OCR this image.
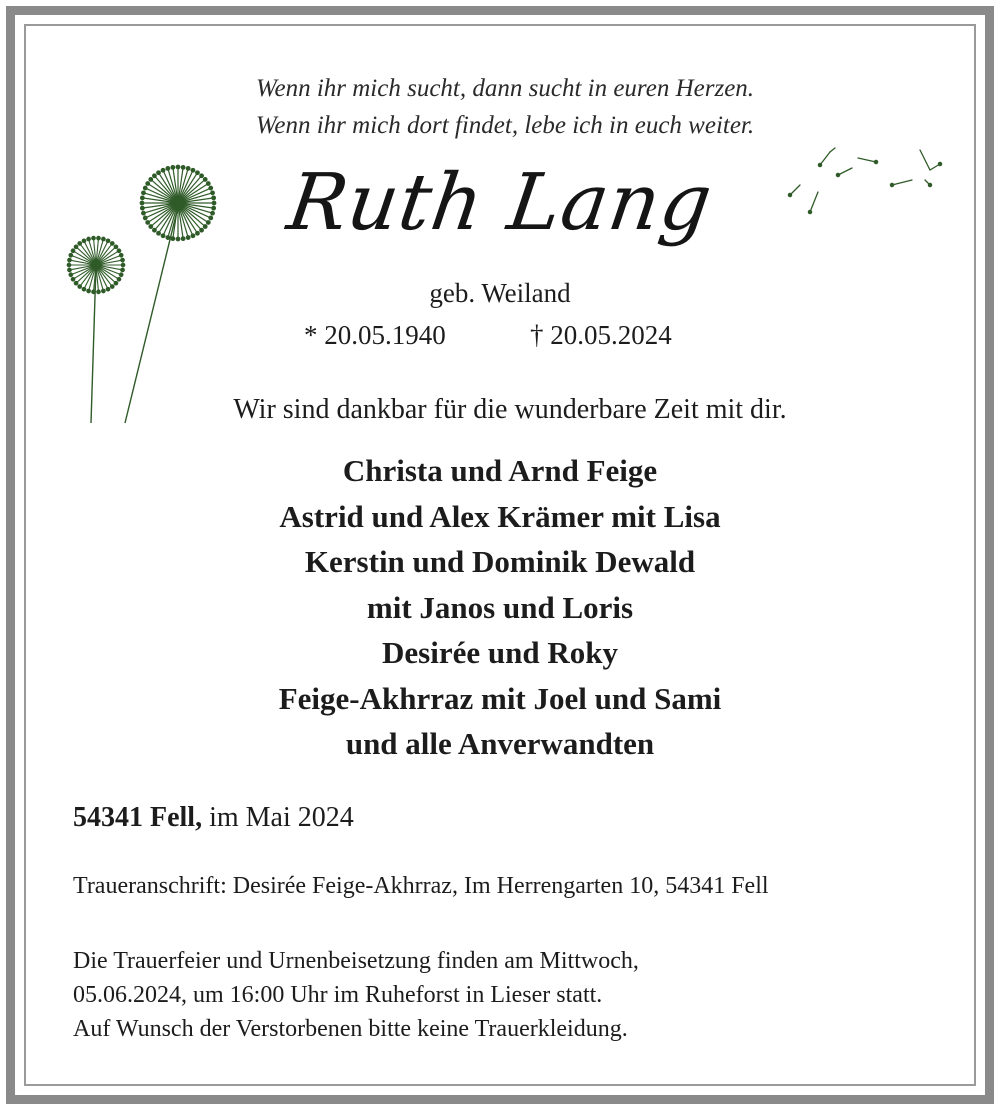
Wenn ihr mich sucht, dann sucht in euren Herzen.
Wenn ihr mich dort findet, lebe ich in euch weiter.
Ruth Lang
geb. Weiland
* 20.05.1940	† 20.05.2024
Wir sind dankbar für die wunderbare Zeit mit dir.
Christa und Arnd Feige
Astrid und Alex Krämer mit Lisa
Kerstin und Dominik Dewald
mit Janos und Loris
Desirée und Roky
Feige-Akhrraz mit Joel und Sami
und alle Anverwandten
54341 Fell, im Mai 2024
Traueranschrift: Desirée Feige-Akhrraz, Im Herrengarten 10, 54341 Fell
Die Trauerfeier und Urnenbeisetzung finden am Mittwoch,
05.06.2024, um 16:00 Uhr im Ruheforst in Lieser statt.
Auf Wunsch der Verstorbenen bitte keine Trauerkleidung.
